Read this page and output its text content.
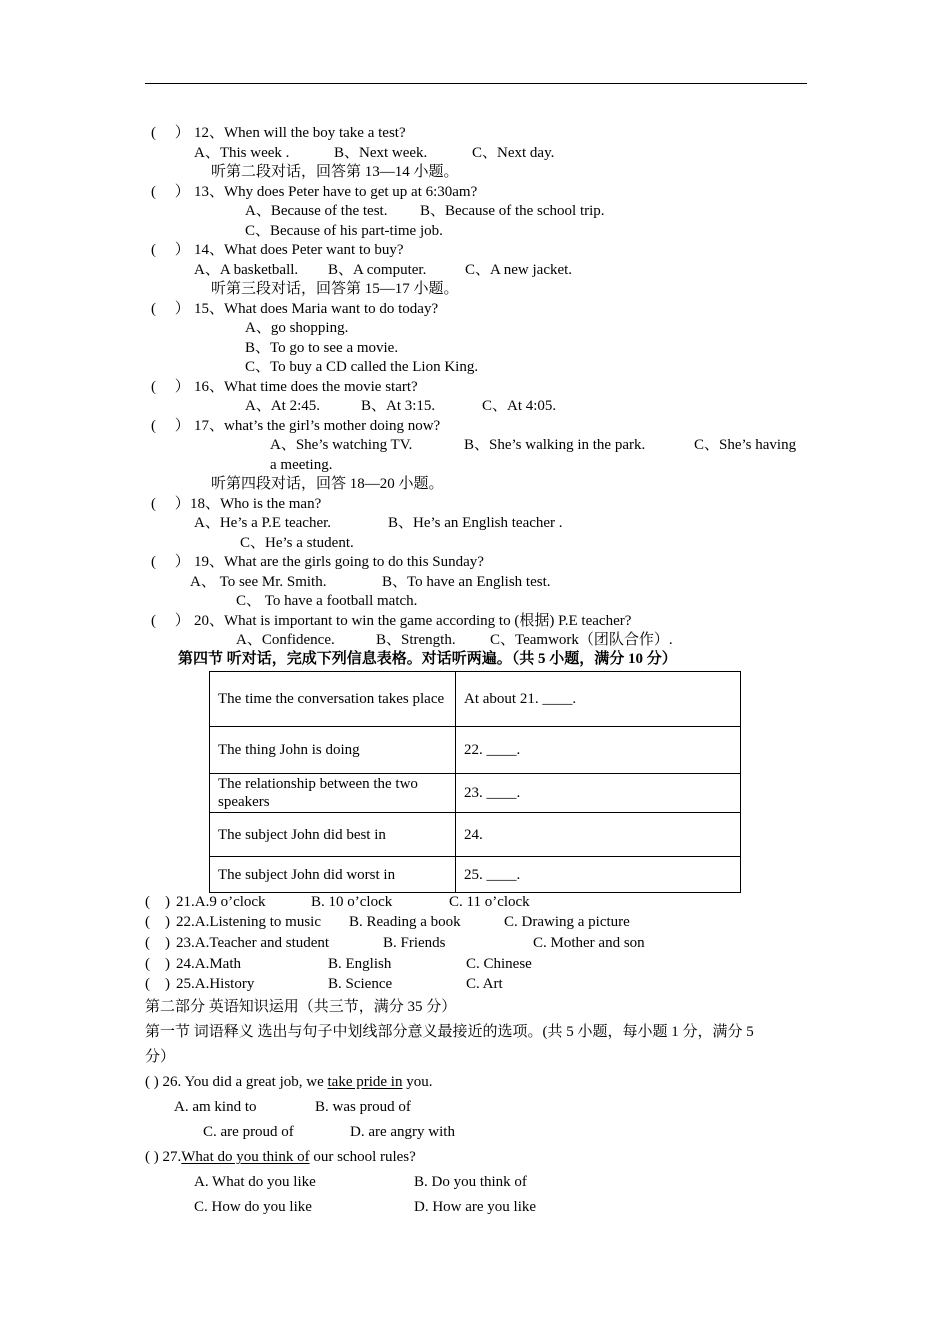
(　 ） 12、When will the boy take a test?
A、This week .	B、Next week.	C、Next day.
听第二段对话，回答第 13—14 小题。
(　 ） 13、Why does Peter have to get up at 6:30am?
A、Because of the test. B、Because of the school trip.
C、Because of his part-time job.
(　 ） 14、What does Peter want to buy?
A、A basketball. B、A computer.	C、A new jacket.
听第三段对话，回答第 15—17 小题。
(　 ） 15、What does Maria want to do today?
A、go shopping.
B、To go to see a movie.
C、To buy a CD called the Lion King.
(　 ） 16、What time does the movie start?
A、At 2:45.	B、At 3:15.	C、At 4:05.
(　 ） 17、what’s the girl’s mother doing now?
A、She’s watching TV.	B、She’s walking in the park.	C、She’s having
a meeting.
听第四段对话，回答 18—20 小题。
(　 ） 18、Who is the man?
A、He’s a P.E teacher.	B、He’s an English teacher .
C、He’s a student.
(　 ） 19、What are the girls going to do this Sunday?
A、 To see Mr. Smith.	B、To have an English test.
C、 To have a football match.
(　 ） 20、What is important to win the game according to (根据) P.E teacher?
A、Confidence.	B、Strength. C、Teamwork（团队合作）.
第四节 听对话，完成下列信息表格。对话听两遍。（共 5 小题，满分 10 分）
The time the conversation takes place	At about 21. ____.
The thing John is doing	22. ____.
The relationship between the two speakers	23. ____.
The subject John did best in	24.
The subject John did worst in	25. ____.
(　) 21.A.9 o’clock	B. 10 o’clock	C. 11 o’clock
(　) 22.A.Listening to music B. Reading a book	C. Drawing a picture
(　) 23.A.Teacher and student	B. Friends	C. Mother and son
(　) 24.A.Math	B. English	C. Chinese
(　) 25.A.History	B. Science	C. Art
第二部分 英语知识运用（共三节，满分 35 分）
第一节 词语释义 选出与句子中划线部分意义最接近的选项。(共 5 小题，每小题 1 分，满分 5
分）
( ) 26. You did a great job, we take pride in you.
A. am kind to	B. was proud of
C. are proud of	D. are angry with
( ) 27.What do you think of our school rules?
A. What do you like	B. Do you think of
C. How do you like	D. How are you like
